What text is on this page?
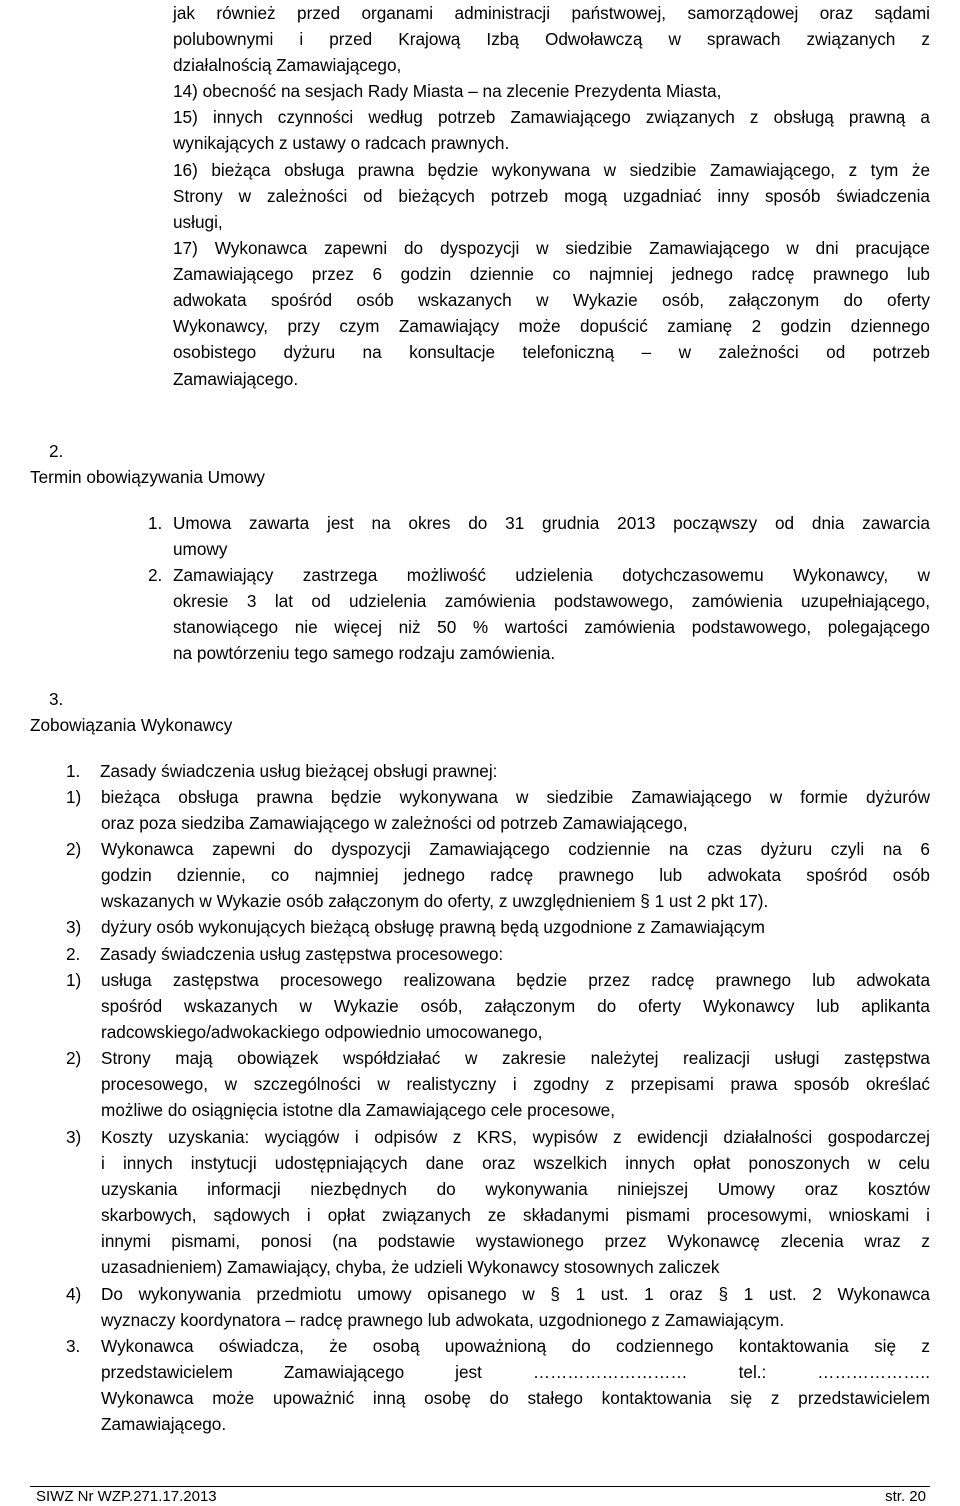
jak również przed organami administracji państwowej, samorządowej oraz sądami
polubownymi i przed Krajową Izbą Odwoławczą w sprawach związanych z
działalnością Zamawiającego,
14) obecność na sesjach Rady Miasta – na zlecenie Prezydenta Miasta,
15) innych czynności według potrzeb Zamawiającego związanych z obsługą prawną a
wynikających z ustawy o radcach prawnych.
16) bieżąca obsługa prawna będzie wykonywana w siedzibie Zamawiającego, z tym że
Strony w zależności od bieżących potrzeb mogą uzgadniać inny sposób świadczenia
usługi,
17) Wykonawca zapewni do dyspozycji w siedzibie Zamawiającego w dni pracujące
Zamawiającego przez 6 godzin dziennie co najmniej jednego radcę prawnego lub
adwokata spośród osób wskazanych w Wykazie osób, załączonym do oferty
Wykonawcy, przy czym Zamawiający może dopuścić zamianę 2 godzin dziennego
osobistego dyżuru na konsultacje telefoniczną – w zależności od potrzeb
Zamawiającego.
2.
Termin obowiązywania Umowy
1. Umowa zawarta jest na okres do 31 grudnia 2013 począwszy od dnia zawarcia
umowy
2. Zamawiający zastrzega możliwość udzielenia dotychczasowemu Wykonawcy, w
okresie 3 lat od udzielenia zamówienia podstawowego, zamówienia uzupełniającego,
stanowiącego nie więcej niż 50 % wartości zamówienia podstawowego, polegającego
na powtórzeniu tego samego rodzaju zamówienia.
3.
Zobowiązania Wykonawcy
1. Zasady świadczenia usług bieżącej obsługi prawnej:
1) bieżąca obsługa prawna będzie wykonywana w siedzibie Zamawiającego w formie dyżurów
oraz poza siedziba Zamawiającego w zależności od potrzeb Zamawiającego,
2) Wykonawca zapewni do dyspozycji Zamawiającego codziennie na czas dyżuru czyli na 6
godzin dziennie, co najmniej jednego radcę prawnego lub adwokata spośród osób
wskazanych w Wykazie osób załączonym do oferty, z uwzględnieniem § 1 ust 2 pkt 17).
3) dyżury osób wykonujących bieżącą obsługę prawną będą uzgodnione z Zamawiającym
2. Zasady świadczenia usług zastępstwa procesowego:
1) usługa zastępstwa procesowego realizowana będzie przez radcę prawnego lub adwokata
spośród wskazanych w Wykazie osób, załączonym do oferty Wykonawcy lub aplikanta
radcowskiego/adwokackiego odpowiednio umocowanego,
2) Strony mają obowiązek współdziałać w zakresie należytej realizacji usługi zastępstwa
procesowego, w szczególności w realistyczny i zgodny z przepisami prawa sposób określać
możliwe do osiągnięcia istotne dla Zamawiającego cele procesowe,
3) Koszty uzyskania: wyciągów i odpisów z KRS, wypisów z ewidencji działalności gospodarczej
i innych instytucji udostępniających dane oraz wszelkich innych opłat ponoszonych w celu
uzyskania informacji niezbędnych do wykonywania niniejszej Umowy oraz kosztów
skarbowych, sądowych i opłat związanych ze składanymi pismami procesowymi, wnioskami i
innymi pismami, ponosi (na podstawie wystawionego przez Wykonawcę zlecenia wraz z
uzasadnieniem) Zamawiający, chyba, że udzieli Wykonawcy stosownych zaliczek
4) Do wykonywania przedmiotu umowy opisanego w § 1 ust. 1 oraz § 1 ust. 2 Wykonawca
wyznaczy koordynatora – radcę prawnego lub adwokata, uzgodnionego z Zamawiającym.
3. Wykonawca oświadcza, że osobą upoważnioną do codziennego kontaktowania się z
przedstawicielem Zamawiającego jest ……………………… tel.: ………………..
Wykonawca może upoważnić inną osobę do stałego kontaktowania się z przedstawicielem
Zamawiającego.
SIWZ Nr WZP.271.17.2013	str. 20
